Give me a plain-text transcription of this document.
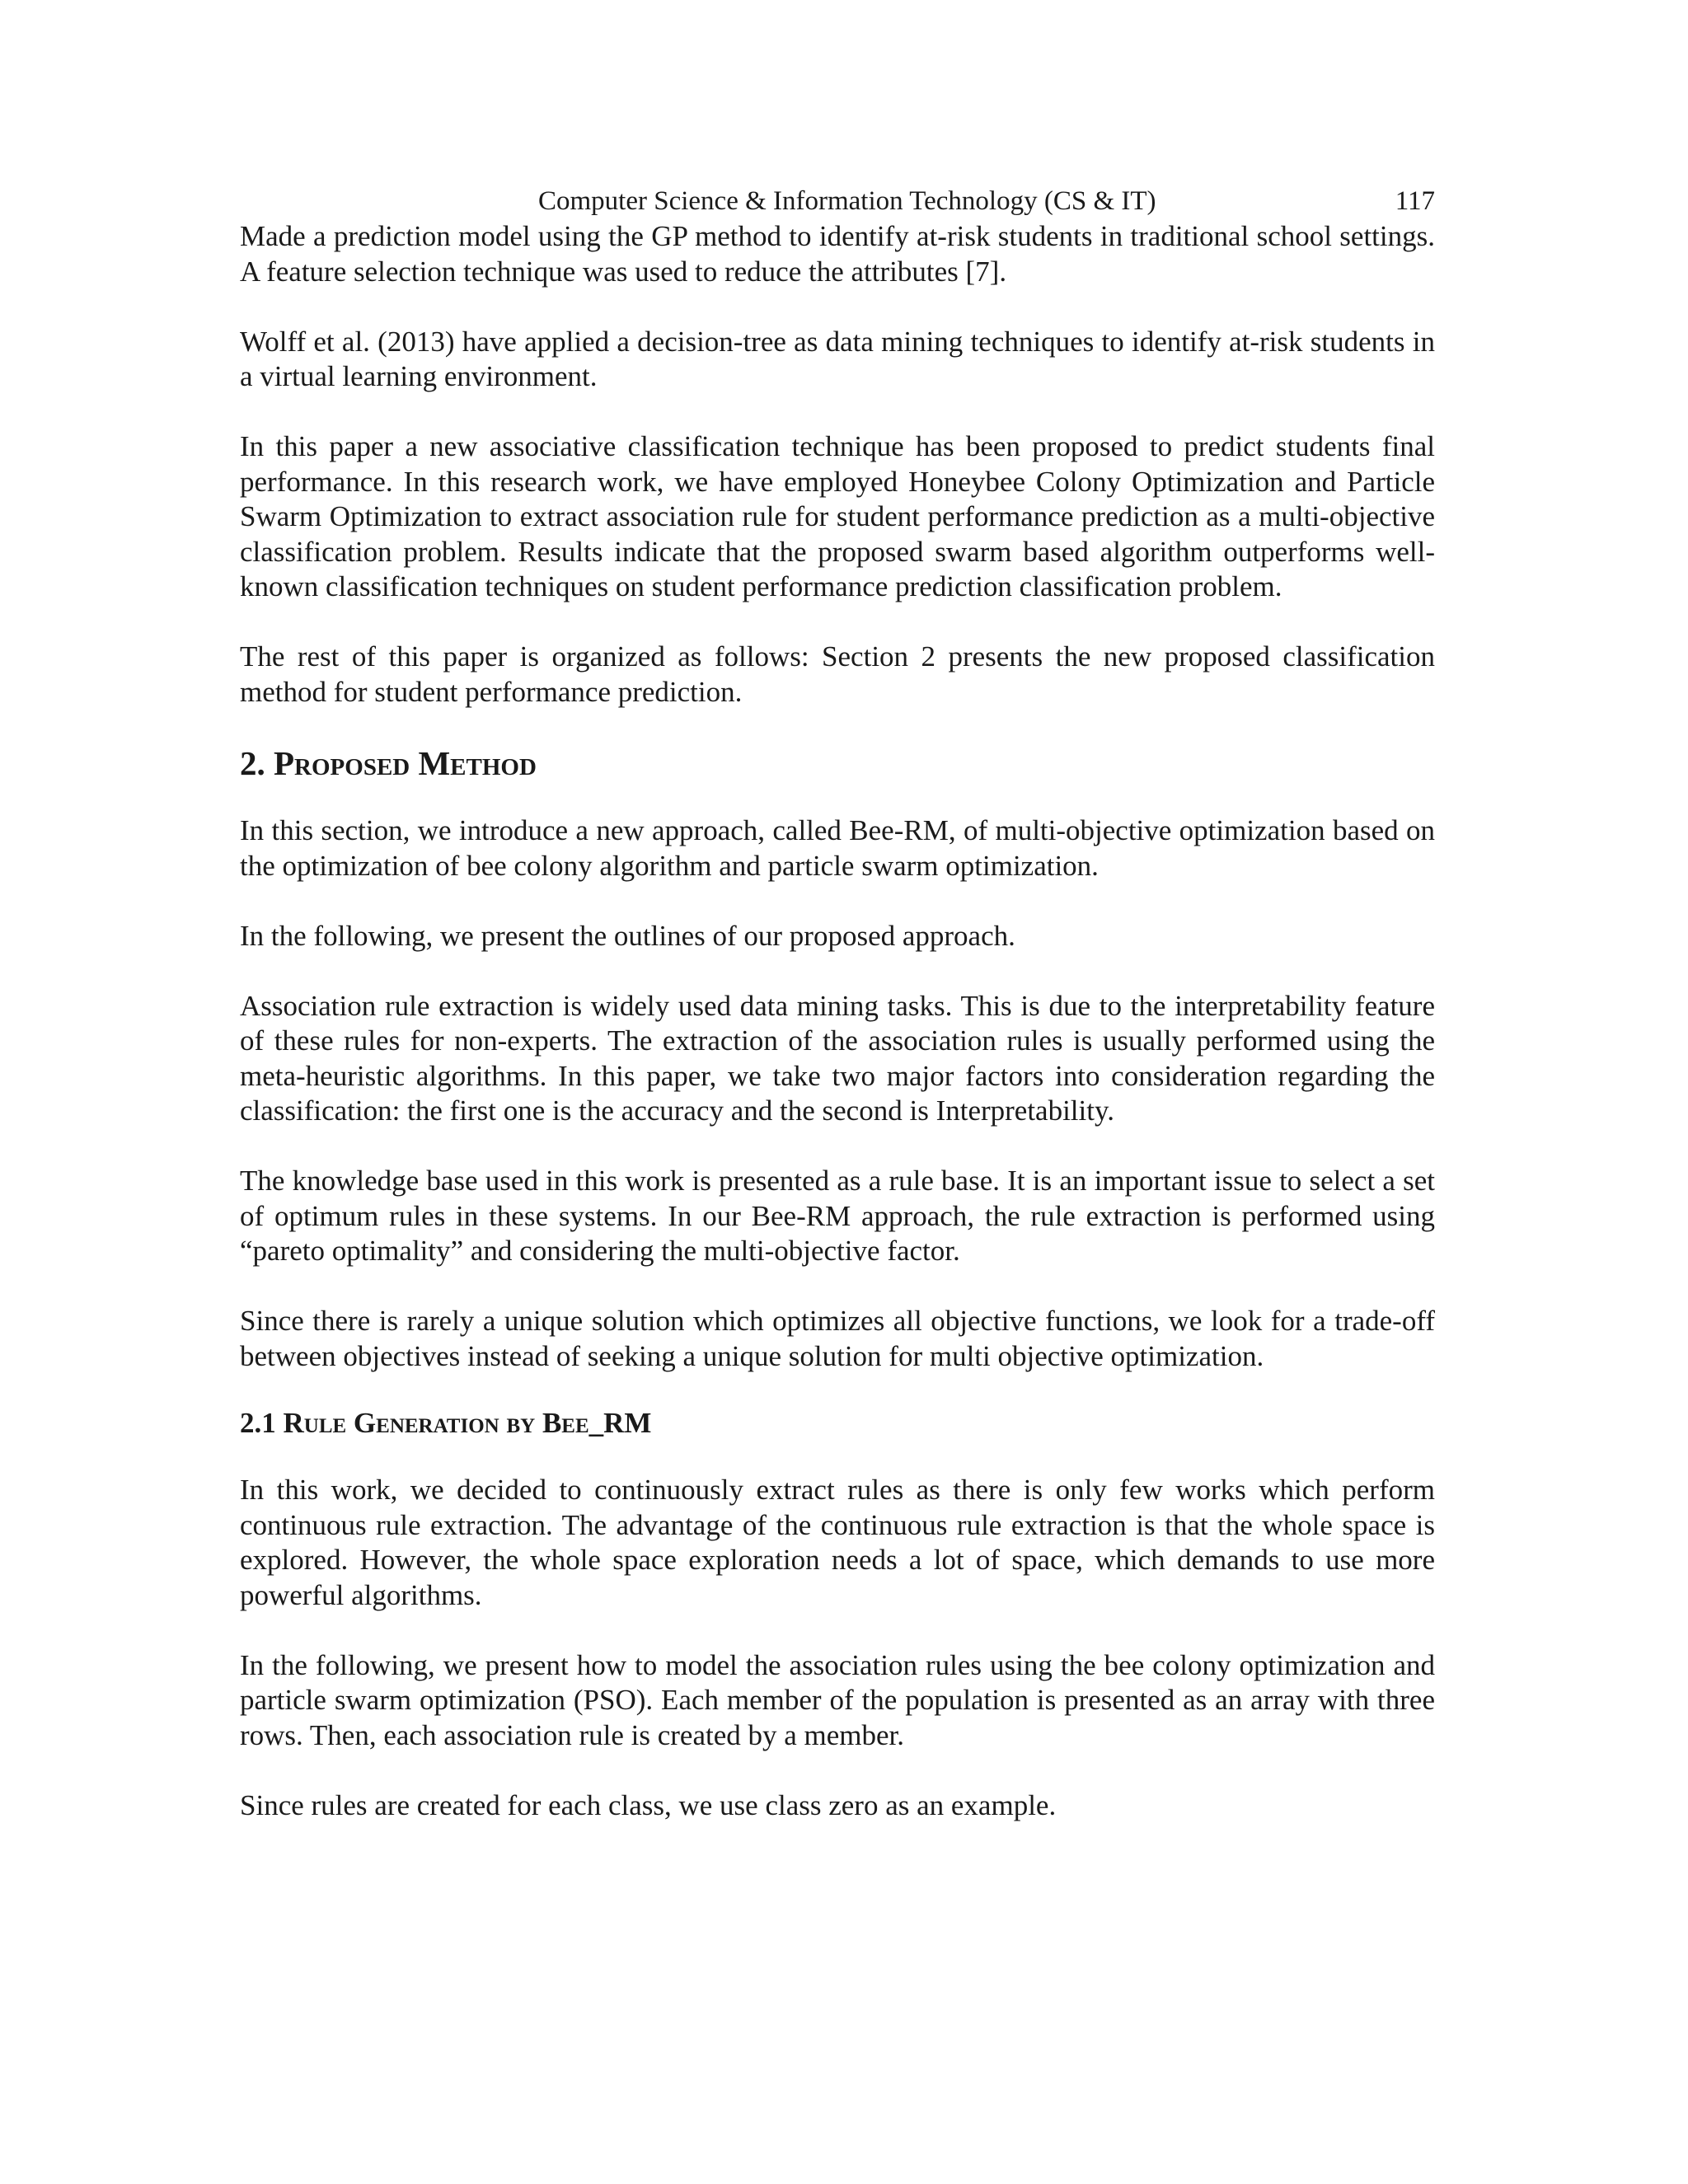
Computer Science & Information Technology (CS & IT)	117

Made a prediction model using the GP method to identify at-risk students in traditional school settings. A feature selection technique was used to reduce the attributes [7].

Wolff et al. (2013) have applied a decision-tree as data mining techniques to identify at-risk students in a virtual learning environment.

In this paper a new associative classification technique has been proposed to predict students final performance. In this research work, we have employed Honeybee Colony Optimization and Particle Swarm Optimization to extract association rule for student performance prediction as a multi-objective classification problem. Results indicate that the proposed swarm based algorithm outperforms well-known classification techniques on student performance prediction classification problem.

The rest of this paper is organized as follows: Section 2 presents the new proposed classification method for student performance prediction.

2. Proposed Method

In this section, we introduce a new approach, called Bee-RM, of multi-objective optimization based on the optimization of bee colony algorithm and particle swarm optimization.

In the following, we present the outlines of our proposed approach.

Association rule extraction is widely used data mining tasks. This is due to the interpretability feature of these rules for non-experts. The extraction of the association rules is usually performed using the meta-heuristic algorithms. In this paper, we take two major factors into consideration regarding the classification: the first one is the accuracy and the second is Interpretability.

The knowledge base used in this work is presented as a rule base. It is an important issue to select a set of optimum rules in these systems. In our Bee-RM approach, the rule extraction is performed using “pareto optimality” and considering the multi-objective factor.

Since there is rarely a unique solution which optimizes all objective functions, we look for a trade-off between objectives instead of seeking a unique solution for multi objective optimization.

2.1 Rule Generation by Bee_RM

In this work, we decided to continuously extract rules as there is only few works which perform continuous rule extraction. The advantage of the continuous rule extraction is that the whole space is explored. However, the whole space exploration needs a lot of space, which demands to use more powerful algorithms.

In the following, we present how to model the association rules using the bee colony optimization and particle swarm optimization (PSO). Each member of the population is presented as an array with three rows. Then, each association rule is created by a member.

Since rules are created for each class, we use class zero as an example.
